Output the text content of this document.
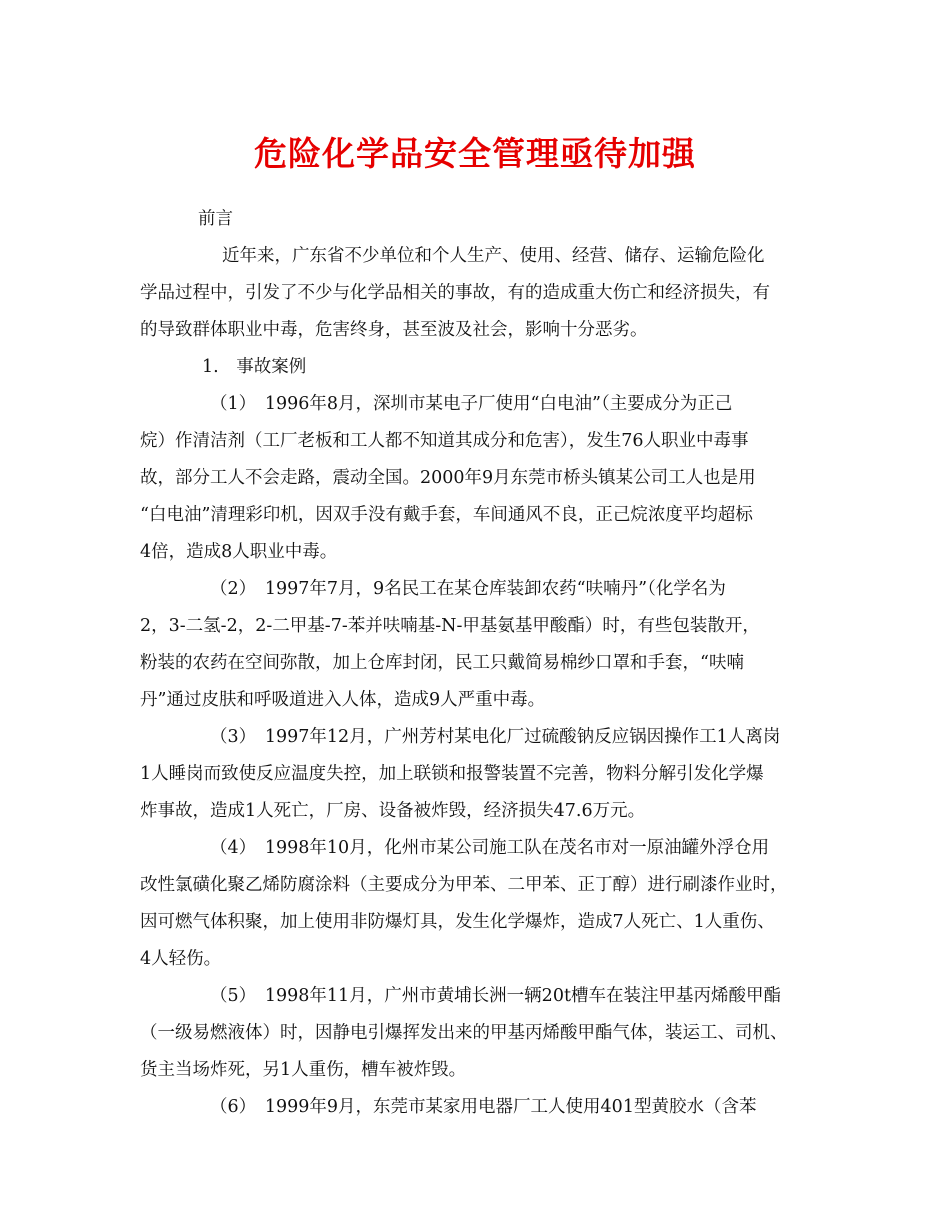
危险化学品安全管理亟待加强
前言
近年来，广东省不少单位和个人生产、使用、经营、储存、运输危险化
学品过程中，引发了不少与化学品相关的事故，有的造成重大伤亡和经济损失，有
的导致群体职业中毒，危害终身，甚至波及社会，影响十分恶劣。
1.　事故案例
（1）　1996年8月，深圳市某电子厂使用“白电油”（主要成分为正己
烷）作清洁剂（工厂老板和工人都不知道其成分和危害），发生76人职业中毒事
故，部分工人不会走路，震动全国。2000年9月东莞市桥头镇某公司工人也是用
“白电油”清理彩印机，因双手没有戴手套，车间通风不良，正己烷浓度平均超标
4倍，造成8人职业中毒。
（2）　1997年7月，9名民工在某仓库装卸农药“呋喃丹”（化学名为
2，3-二氢-2，2-二甲基-7-苯并呋喃基-N-甲基氨基甲酸酯）时，有些包装散开，
粉装的农药在空间弥散，加上仓库封闭，民工只戴简易棉纱口罩和手套，“呋喃
丹”通过皮肤和呼吸道进入人体，造成9人严重中毒。
（3）　1997年12月，广州芳村某电化厂过硫酸钠反应锅因操作工1人离岗
1人睡岗而致使反应温度失控，加上联锁和报警装置不完善，物料分解引发化学爆
炸事故，造成1人死亡，厂房、设备被炸毁，经济损失47.6万元。
（4）　1998年10月，化州市某公司施工队在茂名市对一原油罐外浮仓用
改性氯磺化聚乙烯防腐涂料（主要成分为甲苯、二甲苯、正丁醇）进行刷漆作业时，
因可燃气体积聚，加上使用非防爆灯具，发生化学爆炸，造成7人死亡、1人重伤、
4人轻伤。
（5）　1998年11月，广州市黄埔长洲一辆20t槽车在装注甲基丙烯酸甲酯
（一级易燃液体）时，因静电引爆挥发出来的甲基丙烯酸甲酯气体，装运工、司机、
货主当场炸死，另1人重伤，槽车被炸毁。
（6）　1999年9月，东莞市某家用电器厂工人使用401型黄胶水（含苯
